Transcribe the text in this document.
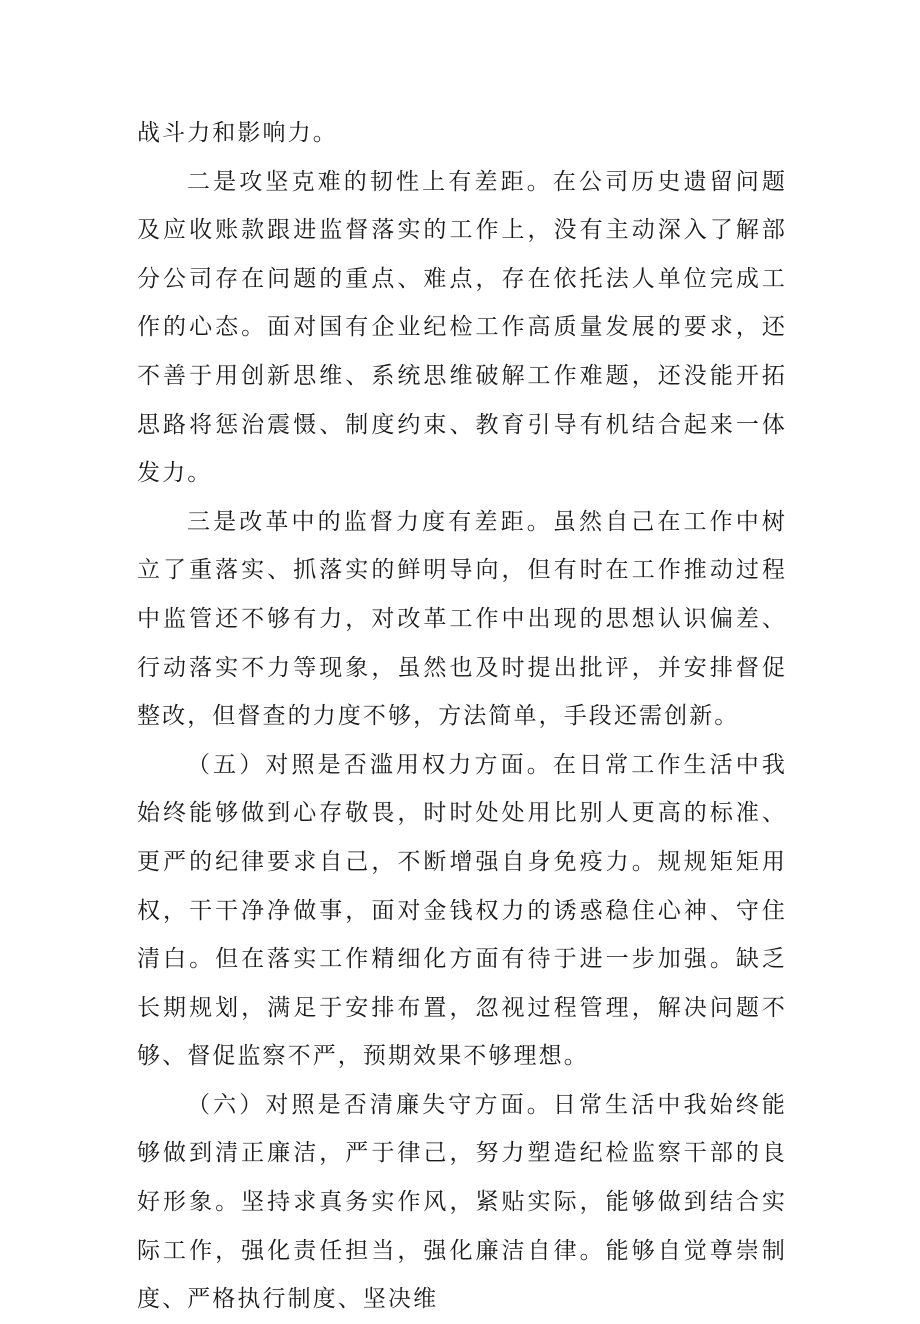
战斗力和影响力。

二是攻坚克难的韧性上有差距。在公司历史遗留问题及应收账款跟进监督落实的工作上，没有主动深入了解部分公司存在问题的重点、难点，存在依托法人单位完成工作的心态。面对国有企业纪检工作高质量发展的要求，还不善于用创新思维、系统思维破解工作难题，还没能开拓思路将惩治震慑、制度约束、教育引导有机结合起来一体发力。

三是改革中的监督力度有差距。虽然自己在工作中树立了重落实、抓落实的鲜明导向，但有时在工作推动过程中监管还不够有力，对改革工作中出现的思想认识偏差、行动落实不力等现象，虽然也及时提出批评，并安排督促整改，但督查的力度不够，方法简单，手段还需创新。

（五）对照是否滥用权力方面。在日常工作生活中我始终能够做到心存敬畏，时时处处用比别人更高的标准、更严的纪律要求自己，不断增强自身免疫力。规规矩矩用权，干干净净做事，面对金钱权力的诱惑稳住心神、守住清白。但在落实工作精细化方面有待于进一步加强。缺乏长期规划，满足于安排布置，忽视过程管理，解决问题不够、督促监察不严，预期效果不够理想。

（六）对照是否清廉失守方面。日常生活中我始终能够做到清正廉洁，严于律己，努力塑造纪检监察干部的良好形象。坚持求真务实作风，紧贴实际，能够做到结合实际工作，强化责任担当，强化廉洁自律。能够自觉尊崇制度、严格执行制度、坚决维
